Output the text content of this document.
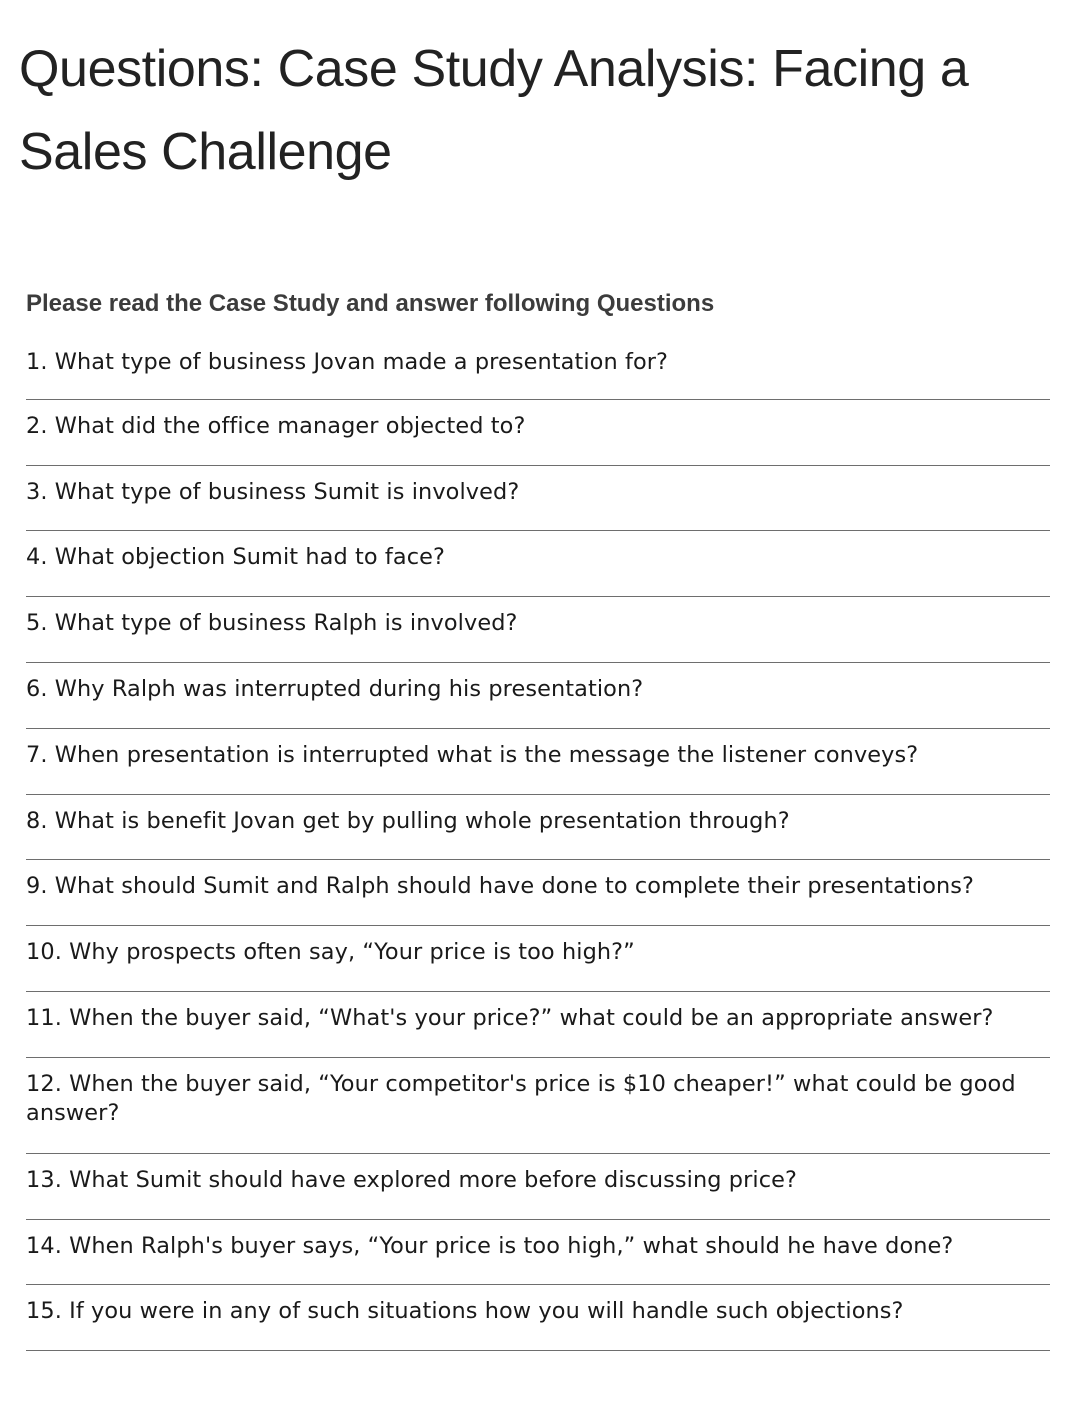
Questions: Case Study Analysis: Facing a Sales Challenge

Please read the Case Study and answer following Questions

1. What type of business Jovan made a presentation for?
2. What did the office manager objected to?
3. What type of business Sumit is involved?
4. What objection Sumit had to face?
5. What type of business Ralph is involved?
6. Why Ralph was interrupted during his presentation?
7. When presentation is interrupted what is the message the listener conveys?
8. What is benefit Jovan get by pulling whole presentation through?
9. What should Sumit and Ralph should have done to complete their presentations?
10. Why prospects often say, “Your price is too high?”
11. When the buyer said, “What's your price?” what could be an appropriate answer?
12. When the buyer said, “Your competitor's price is $10 cheaper!” what could be good answer?
13. What Sumit should have explored more before discussing price?
14. When Ralph's buyer says, “Your price is too high,” what should he have done?
15. If you were in any of such situations how you will handle such objections?
